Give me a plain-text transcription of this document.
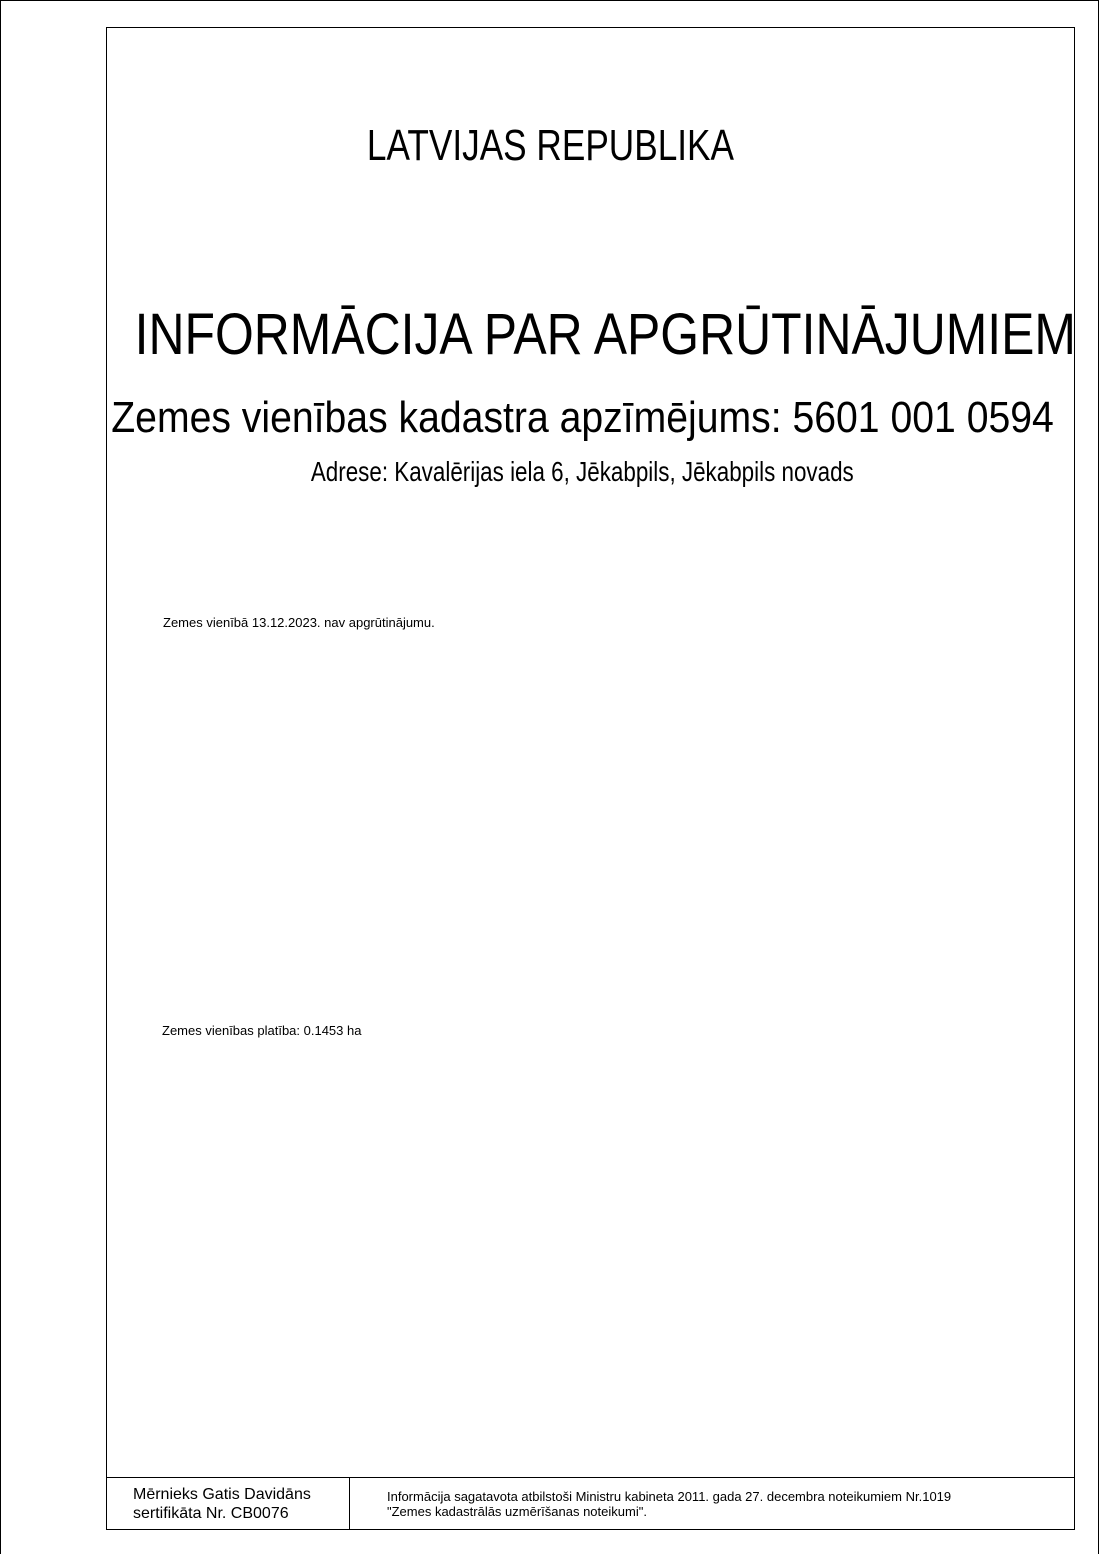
LATVIJAS REPUBLIKA
INFORMĀCIJA PAR APGRŪTINĀJUMIEM
Zemes vienības kadastra apzīmējums: 5601 001 0594
Adrese: Kavalērijas iela 6, Jēkabpils, Jēkabpils novads
Zemes vienībā 13.12.2023. nav apgrūtinājumu.
Zemes vienības platība: 0.1453 ha
Mērnieks Gatis Davidāns
sertifikāta Nr. CB0076
Informācija sagatavota atbilstoši Ministru kabineta 2011. gada 27. decembra noteikumiem Nr.1019
"Zemes kadastrālās uzmērīšanas noteikumi".
